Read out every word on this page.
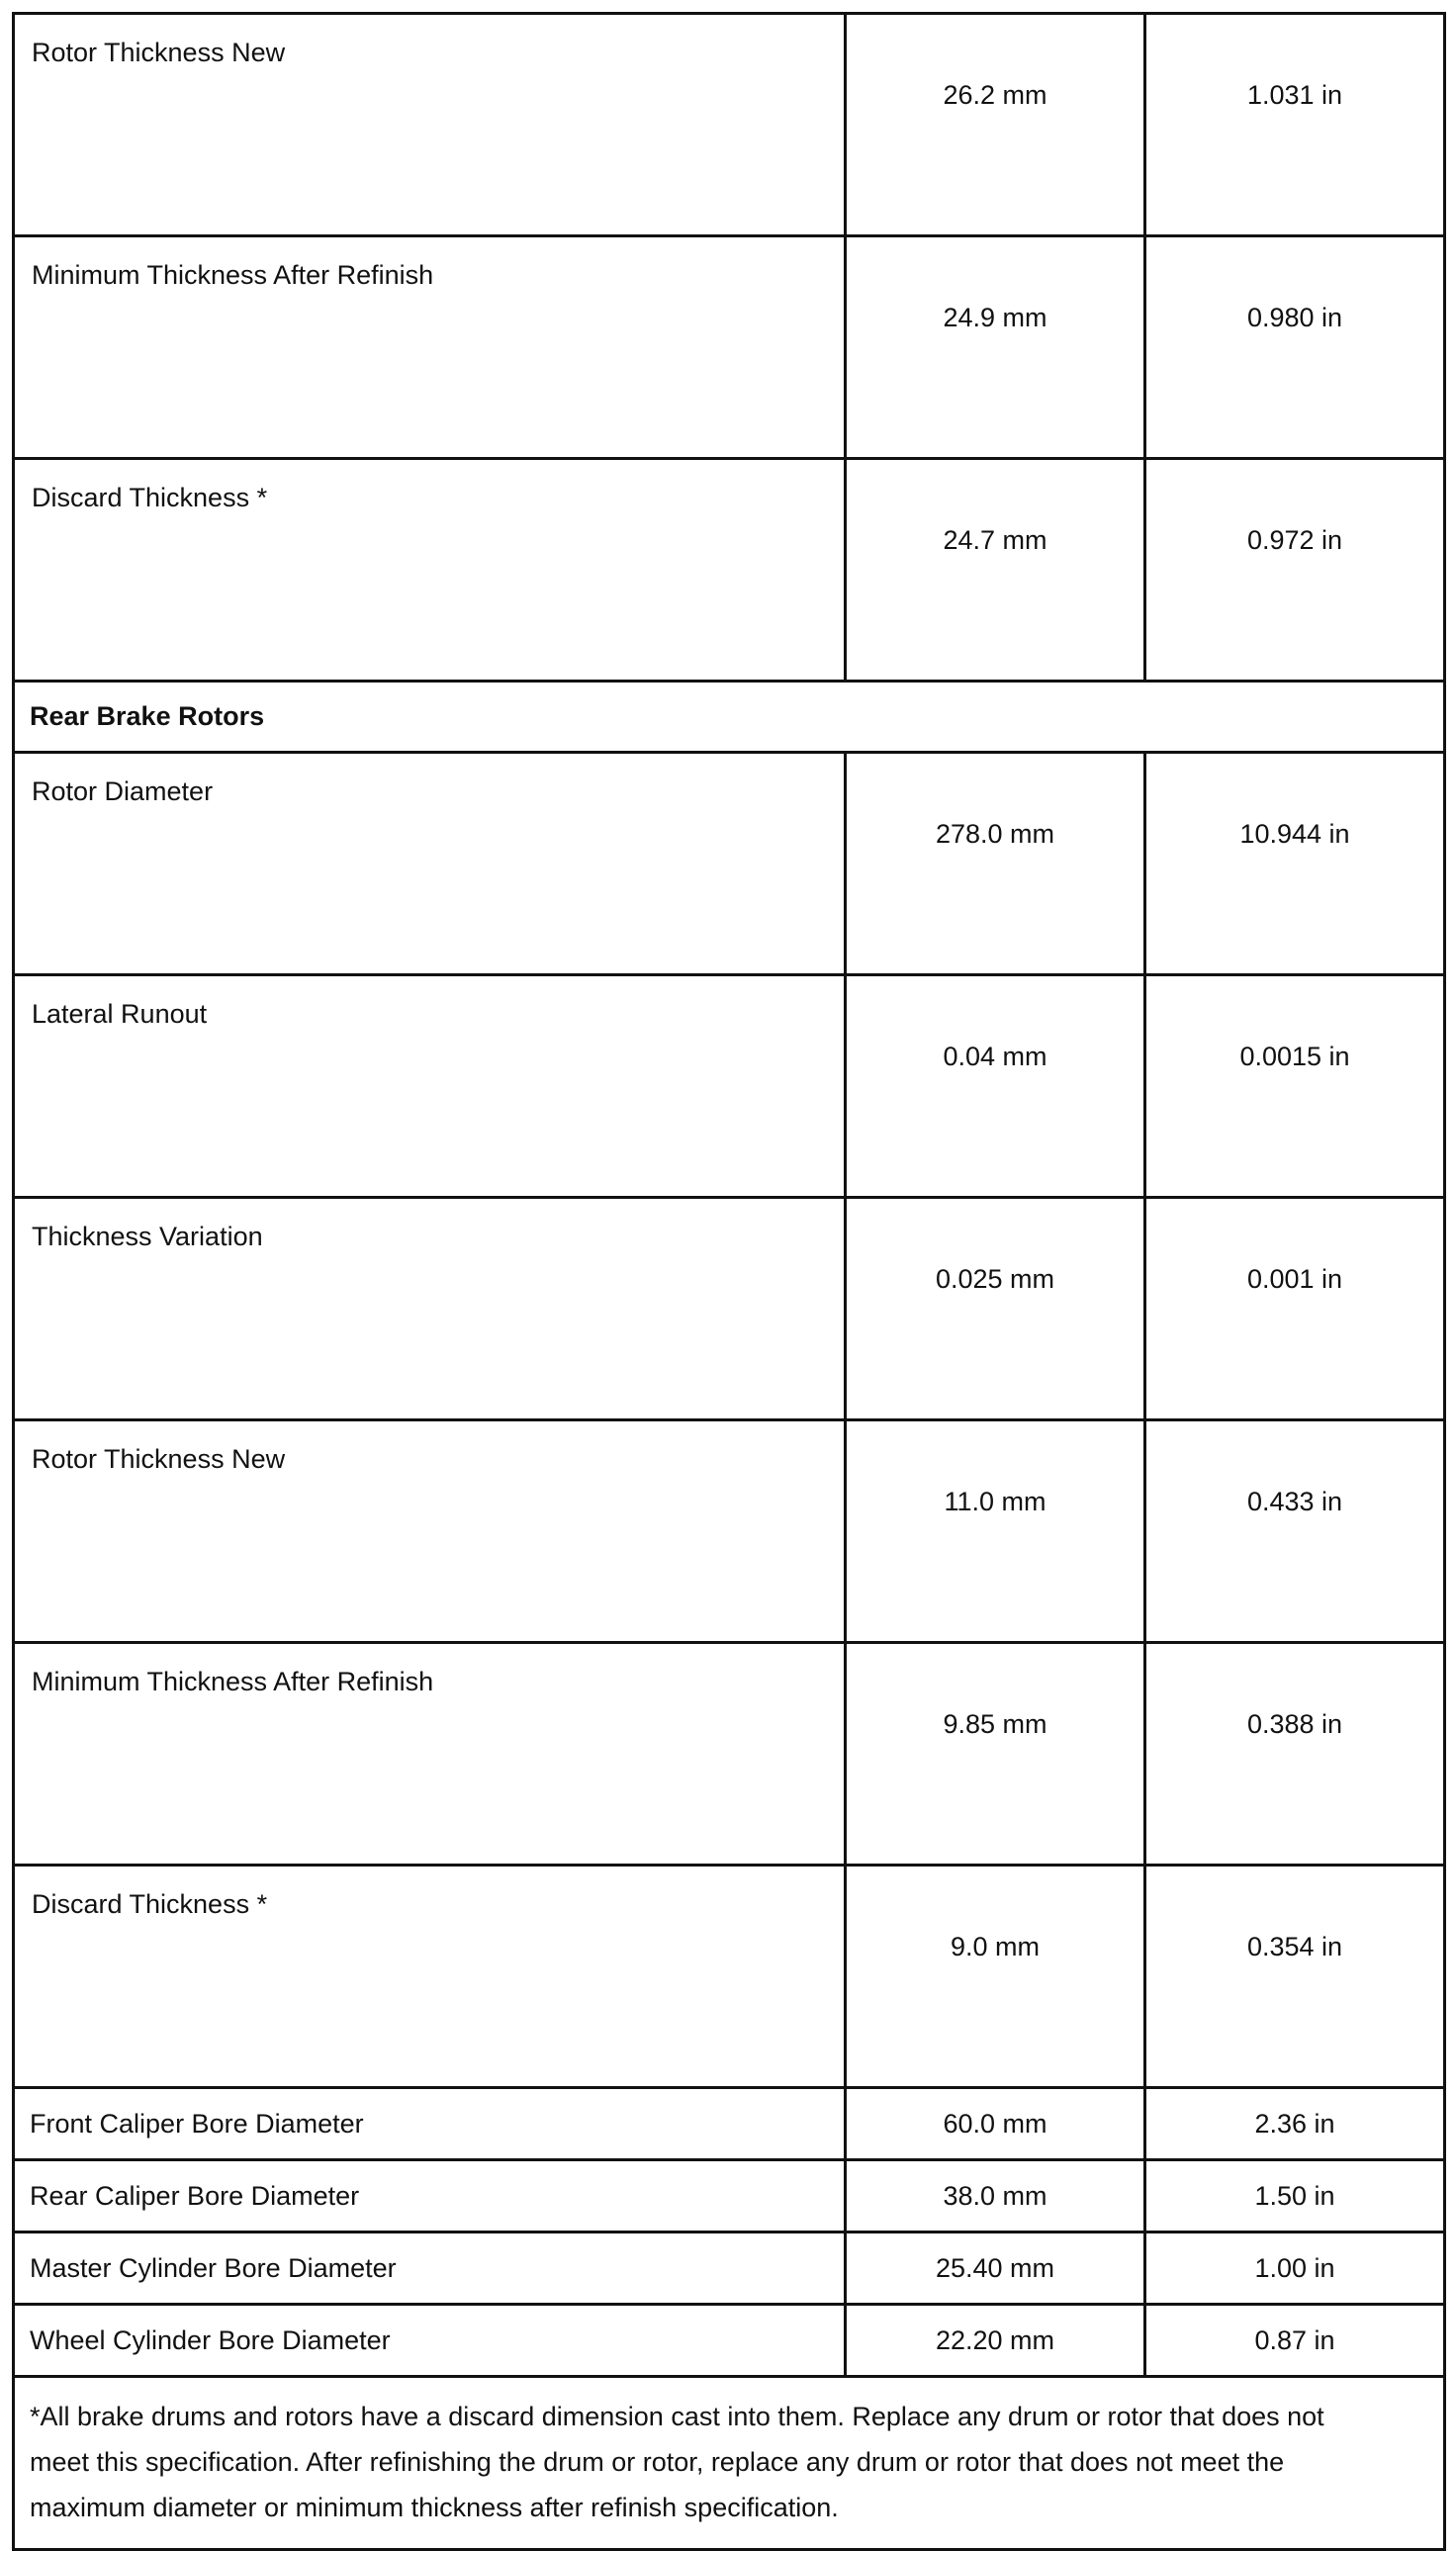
Rotor Thickness New	26.2 mm	1.031 in
Minimum Thickness After Refinish	24.9 mm	0.980 in
Discard Thickness *	24.7 mm	0.972 in
Rear Brake Rotors		
Rotor Diameter	278.0 mm	10.944 in
Lateral Runout	0.04 mm	0.0015 in
Thickness Variation	0.025 mm	0.001 in
Rotor Thickness New	11.0 mm	0.433 in
Minimum Thickness After Refinish	9.85 mm	0.388 in
Discard Thickness *	9.0 mm	0.354 in
Front Caliper Bore Diameter	60.0 mm	2.36 in
Rear Caliper Bore Diameter	38.0 mm	1.50 in
Master Cylinder Bore Diameter	25.40 mm	1.00 in
Wheel Cylinder Bore Diameter	22.20 mm	0.87 in
*All brake drums and rotors have a discard dimension cast into them. Replace any drum or rotor that does not meet this specification. After refinishing the drum or rotor, replace any drum or rotor that does not meet the maximum diameter or minimum thickness after refinish specification.		
